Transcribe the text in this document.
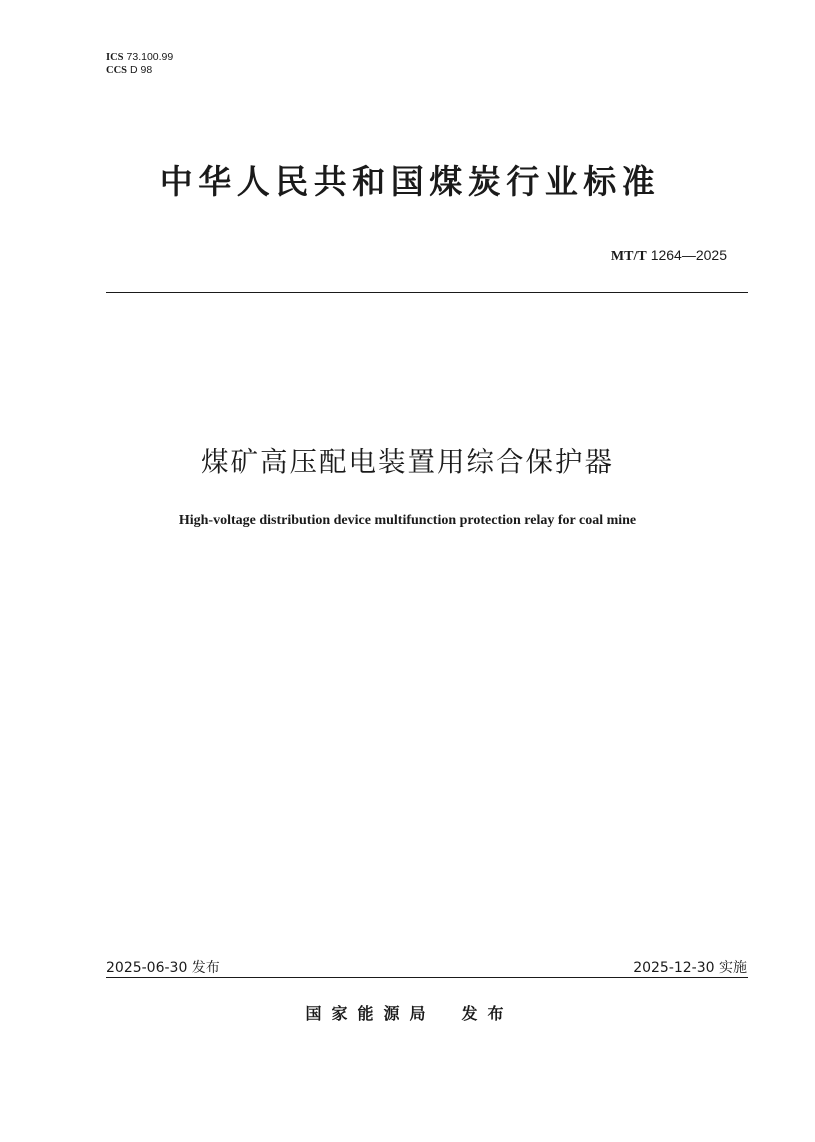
ICS 73.100.99
CCS D 98
中华人民共和国煤炭行业标准
MT/T 1264—2025
煤矿高压配电装置用综合保护器
High-voltage distribution device multifunction protection relay for coal mine
2025-06-30 发布	2025-12-30 实施
国家能源局 发布
